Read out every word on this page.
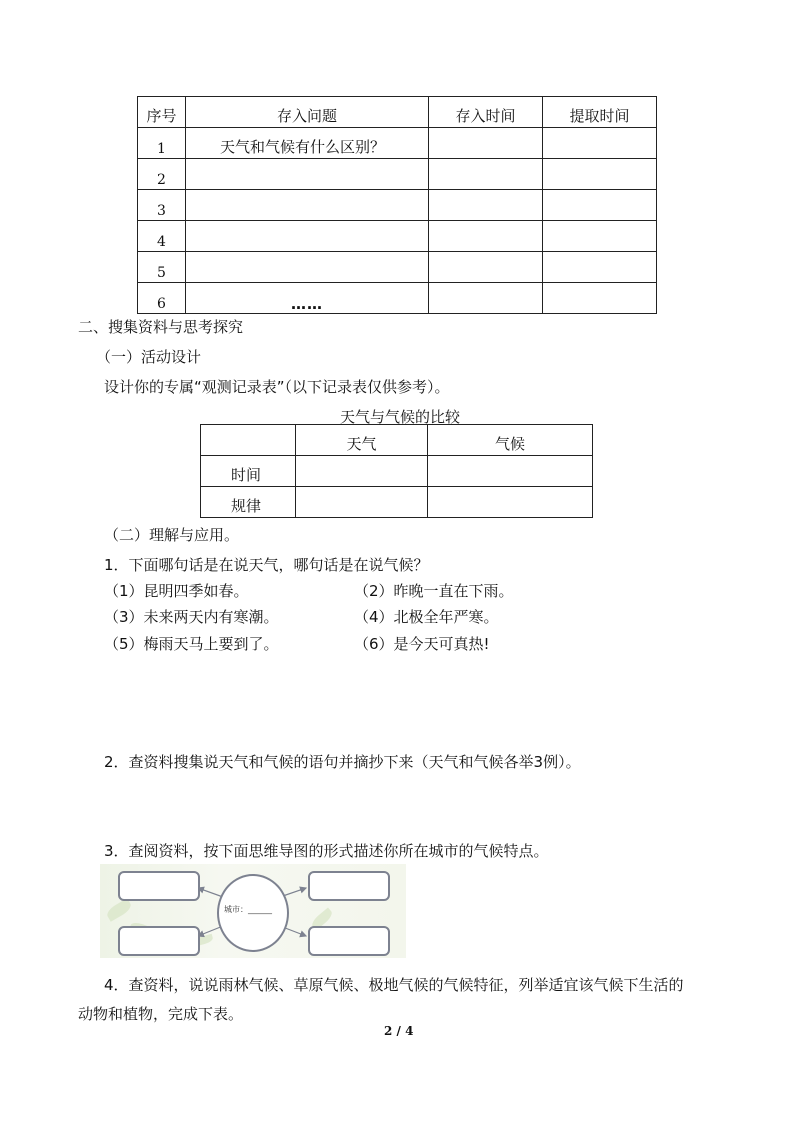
序号	存入问题	存入时间	提取时间
1	天气和气候有什么区别？		
2			
3			
4			
5			
6	……		
二、搜集资料与思考探究
（一）活动设计
设计你的专属“观测记录表”（以下记录表仅供参考）。
天气与气候的比较
	天气	气候
时间		
规律		
（二）理解与应用。
1．下面哪句话是在说天气，哪句话是在说气候？
（1）昆明四季如春。	（2）昨晚一直在下雨。
（3）未来两天内有寒潮。	（4）北极全年严寒。
（5）梅雨天马上要到了。	（6）是今天可真热!
2．查资料搜集说天气和气候的语句并摘抄下来（天气和气候各举3例）。
3．查阅资料，按下面思维导图的形式描述你所在城市的气候特点。
城市：______
4．查资料，说说雨林气候、草原气候、极地气候的气候特征，列举适宜该气候下生活的
动物和植物，完成下表。
2 / 4
